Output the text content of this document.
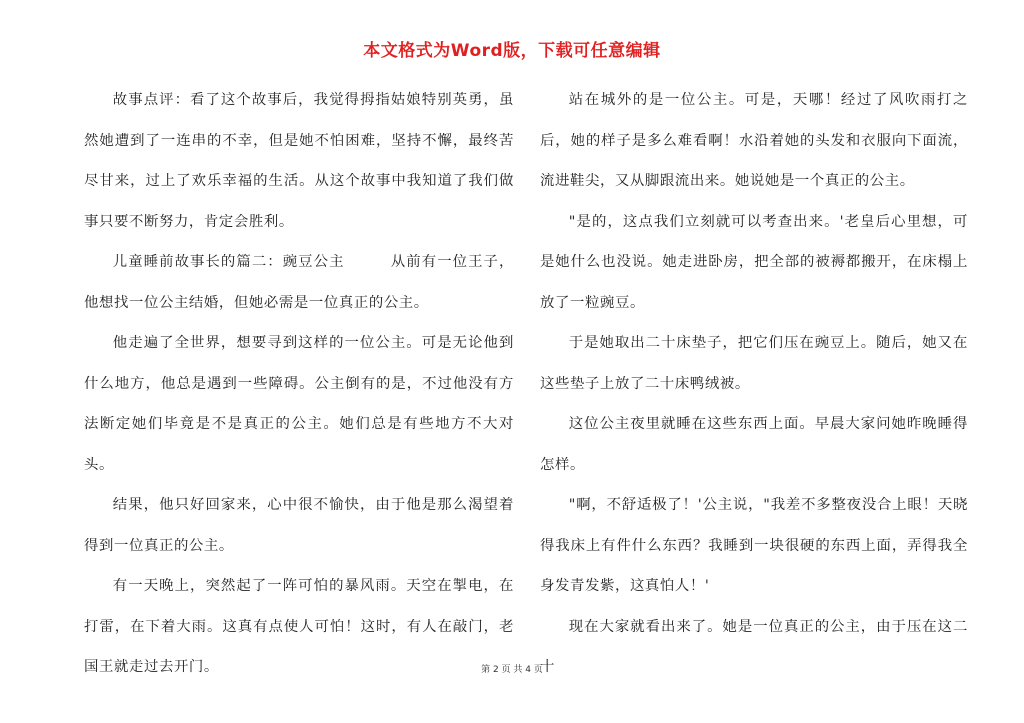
本文格式为Word版，下载可任意编辑

故事点评：看了这个故事后，我觉得拇指姑娘特别英勇，虽然她遭到了一连串的不幸，但是她不怕困难，坚持不懈，最终苦尽甘来，过上了欢乐幸福的生活。从这个故事中我知道了我们做事只要不断努力，肯定会胜利。

儿童睡前故事长的篇二：豌豆公主　　　从前有一位王子，他想找一位公主结婚，但她必需是一位真正的公主。

他走遍了全世界，想要寻到这样的一位公主。可是无论他到什么地方，他总是遇到一些障碍。公主倒有的是，不过他没有方法断定她们毕竟是不是真正的公主。她们总是有些地方不大对头。

结果，他只好回家来，心中很不愉快，由于他是那么渴望着得到一位真正的公主。

有一天晚上，突然起了一阵可怕的暴风雨。天空在掣电，在打雷，在下着大雨。这真有点使人可怕！这时，有人在敲门，老国王就走过去开门。

站在城外的是一位公主。可是，天哪！经过了风吹雨打之后，她的样子是多么难看啊！水沿着她的头发和衣服向下面流，流进鞋尖，又从脚跟流出来。她说她是一个真正的公主。

"是的，这点我们立刻就可以考查出来。'老皇后心里想，可是她什么也没说。她走进卧房，把全部的被褥都搬开，在床榻上放了一粒豌豆。

于是她取出二十床垫子，把它们压在豌豆上。随后，她又在这些垫子上放了二十床鸭绒被。

这位公主夜里就睡在这些东西上面。早晨大家问她昨晚睡得怎样。

"啊，不舒适极了！'公主说，"我差不多整夜没合上眼！天晓得我床上有件什么东西？我睡到一块很硬的东西上面，弄得我全身发青发紫，这真怕人！'

现在大家就看出来了。她是一位真正的公主，由于压在这二十

第 2 页 共 4 页
